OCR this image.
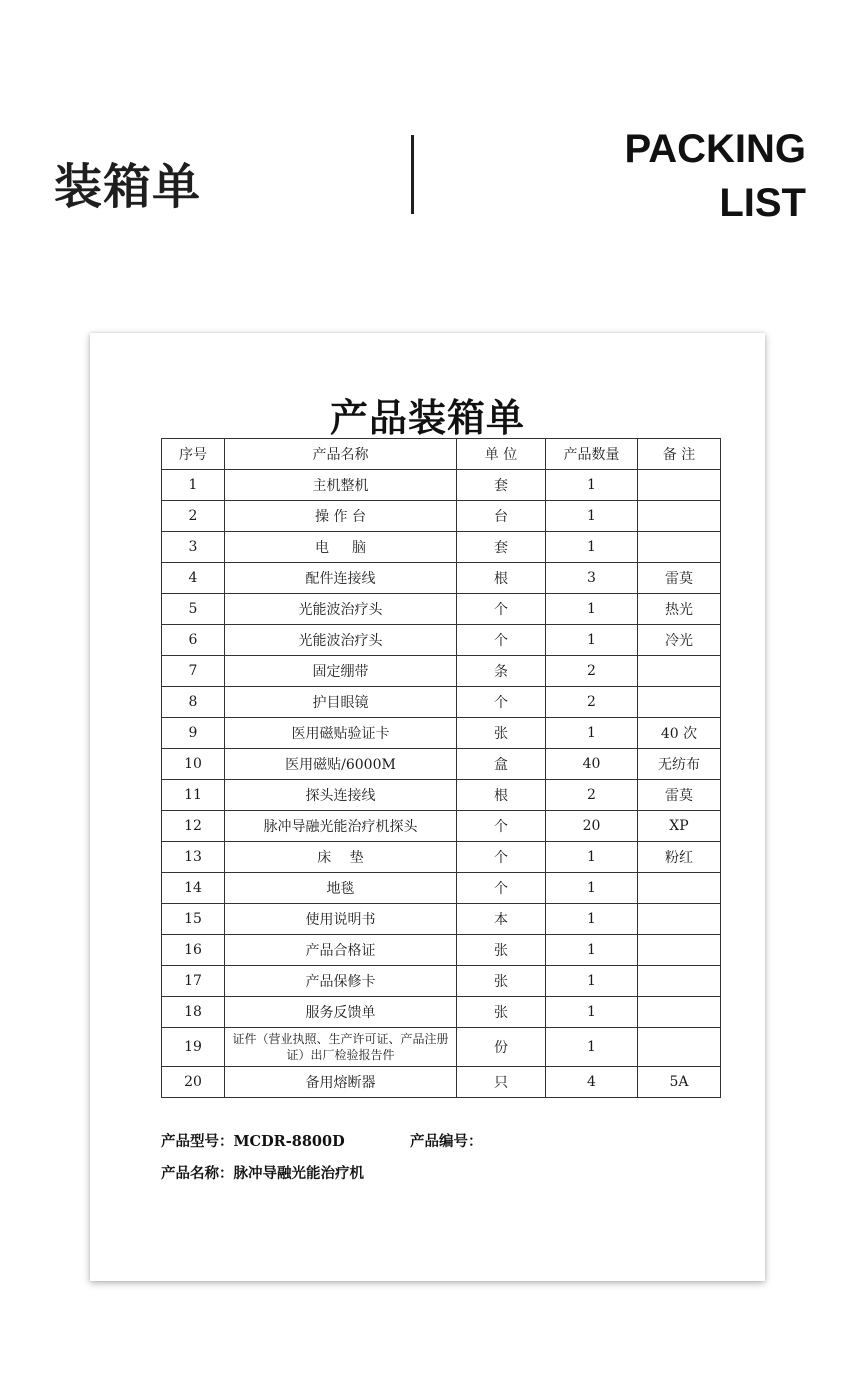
装箱单
PACKING
LIST
产品装箱单
序号	产品名称	单 位	产品数量	备 注
1	主机整机	套	1	
2	操 作 台	台	1	
3	电 　 脑	套	1	
4	配件连接线	根	3	雷莫
5	光能波治疗头	个	1	热光
6	光能波治疗头	个	1	冷光
7	固定绷带	条	2	
8	护目眼镜	个	2	
9	医用磁贴验证卡	张	1	40 次
10	医用磁贴/6000M	盒	40	无纺布
11	探头连接线	根	2	雷莫
12	脉冲导融光能治疗机探头	个	20	XP
13	床 　垫	个	1	粉红
14	地毯	个	1	
15	使用说明书	本	1	
16	产品合格证	张	1	
17	产品保修卡	张	1	
18	服务反馈单	张	1	
19	证件（营业执照、生产许可证、产品注册证）出厂检验报告件	份	1	
20	备用熔断器	只	4	5A
产品型号：MCDR-8800D	产品编号：
产品名称：脉冲导融光能治疗机
